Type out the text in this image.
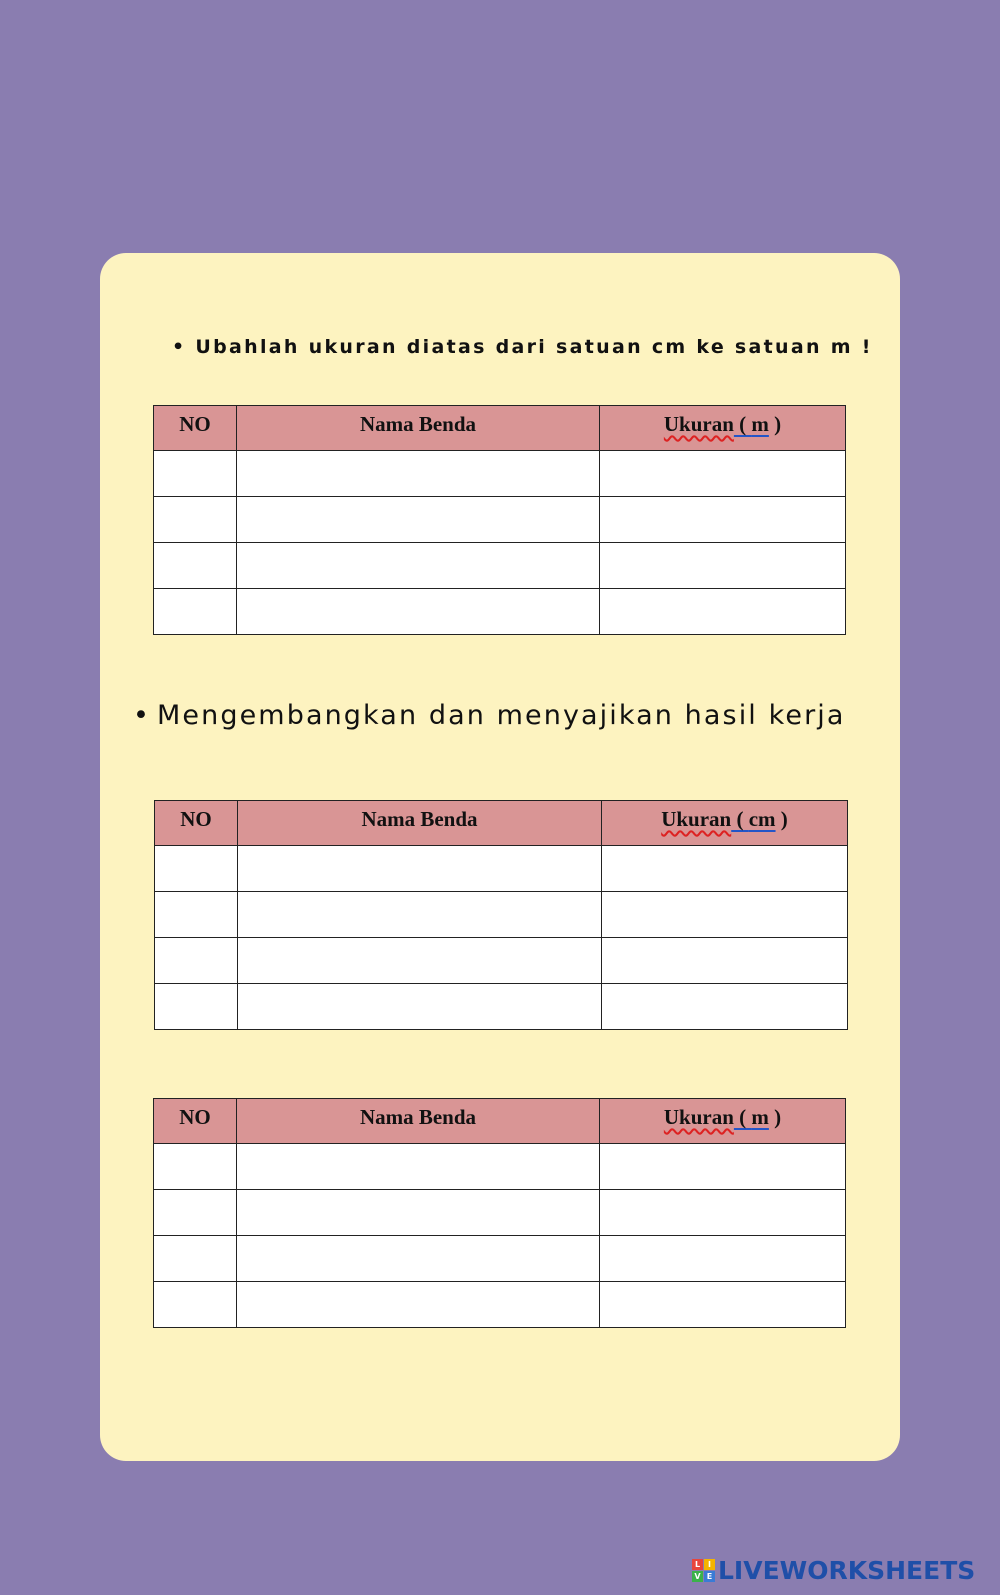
• Ubahlah ukuran diatas dari satuan cm ke satuan m !
NO	Nama Benda	Ukuran ( m )

• Mengembangkan dan menyajikan hasil kerja
NO	Nama Benda	Ukuran ( cm )

NO	Nama Benda	Ukuran ( m )

L I
V E LIVEWORKSHEETS
